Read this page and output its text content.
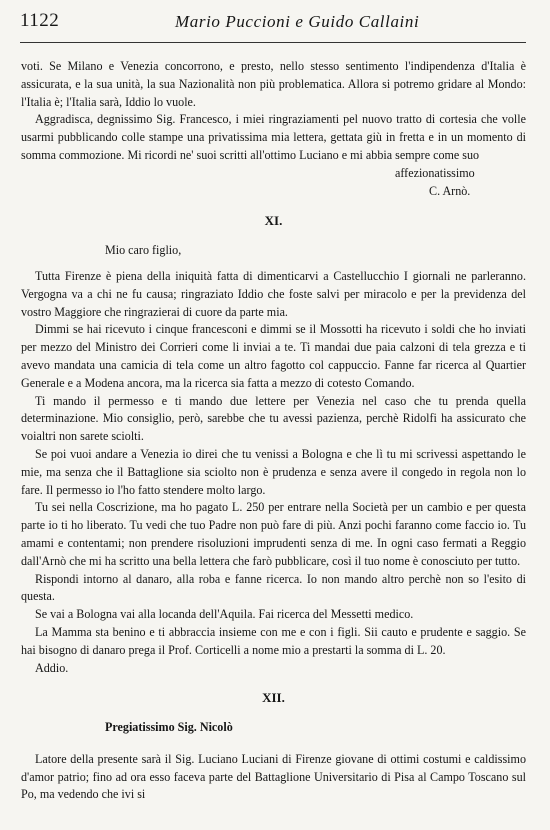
1122	Mario Puccioni e Guido Callaini

voti. Se Milano e Venezia concorrono, e presto, nello stesso sentimento l'indipendenza d'Italia è assicurata, e la sua unità, la sua Nazionalità non più problematica. Allora si potremo gridare al Mondo: l'Italia è; l'Italia sarà, Iddio lo vuole.

Aggradisca, degnissimo Sig. Francesco, i miei ringraziamenti pel nuovo tratto di cortesia che volle usarmi pubblicando colle stampe una privatissima mia lettera, gettata giù in fretta e in un momento di somma commozione. Mi ricordi ne' suoi scritti all'ottimo Luciano e mi abbia sempre come suo

affezionatissimo

C. Arnò.

XI.

Mio caro figlio,

Tutta Firenze è piena della iniquità fatta di dimenticarvi a Castellucchio I giornali ne parleranno. Vergogna va a chi ne fu causa; ringraziato Iddio che foste salvi per miracolo e per la previdenza del vostro Maggiore che ringrazierai di cuore da parte mia.

Dimmi se hai ricevuto i cinque francesconi e dimmi se il Mossotti ha ricevuto i soldi che ho inviati per mezzo del Ministro dei Corrieri come li inviai a te. Ti mandai due paia calzoni di tela grezza e ti avevo mandata una camicia di tela come un altro fagotto col cappuccio. Fanne far ricerca al Quartier Generale e a Modena ancora, ma la ricerca sia fatta a mezzo di cotesto Comando.

Ti mando il permesso e ti mando due lettere per Venezia nel caso che tu prenda quella determinazione. Mio consiglio, però, sarebbe che tu avessi pazienza, perchè Ridolfi ha assicurato che voialtri non sarete sciolti.

Se poi vuoi andare a Venezia io direi che tu venissi a Bologna e che lì tu mi scrivessi aspettando le mie, ma senza che il Battaglione sia sciolto non è prudenza e senza avere il congedo in regola non lo fare. Il permesso io l'ho fatto stendere molto largo.

Tu sei nella Coscrizione, ma ho pagato L. 250 per entrare nella Società per un cambio e per questa parte io ti ho liberato. Tu vedi che tuo Padre non può fare di più. Anzi pochi faranno come faccio io. Tu amami e contentami; non prendere risoluzioni imprudenti senza di me. In ogni caso fermati a Reggio dall'Arnò che mi ha scritto una bella lettera che farò pubblicare, così il tuo nome è conosciuto per tutto.

Rispondi intorno al danaro, alla roba e fanne ricerca. Io non mando altro perchè non so l'esito di questa.

Se vai a Bologna vai alla locanda dell'Aquila. Fai ricerca del Messetti medico.

La Mamma sta benino e ti abbraccia insieme con me e con i figli. Sii cauto e prudente e saggio. Se hai bisogno di danaro prega il Prof. Corticelli a nome mio a prestarti la somma di L. 20.

Addio.

XII.

Pregiatissimo Sig. Nicolò

Latore della presente sarà il Sig. Luciano Luciani di Firenze giovane di ottimi costumi e caldissimo d'amor patrio; fino ad ora esso faceva parte del Battaglione Universitario di Pisa al Campo Toscano sul Po, ma vedendo che ivi si
